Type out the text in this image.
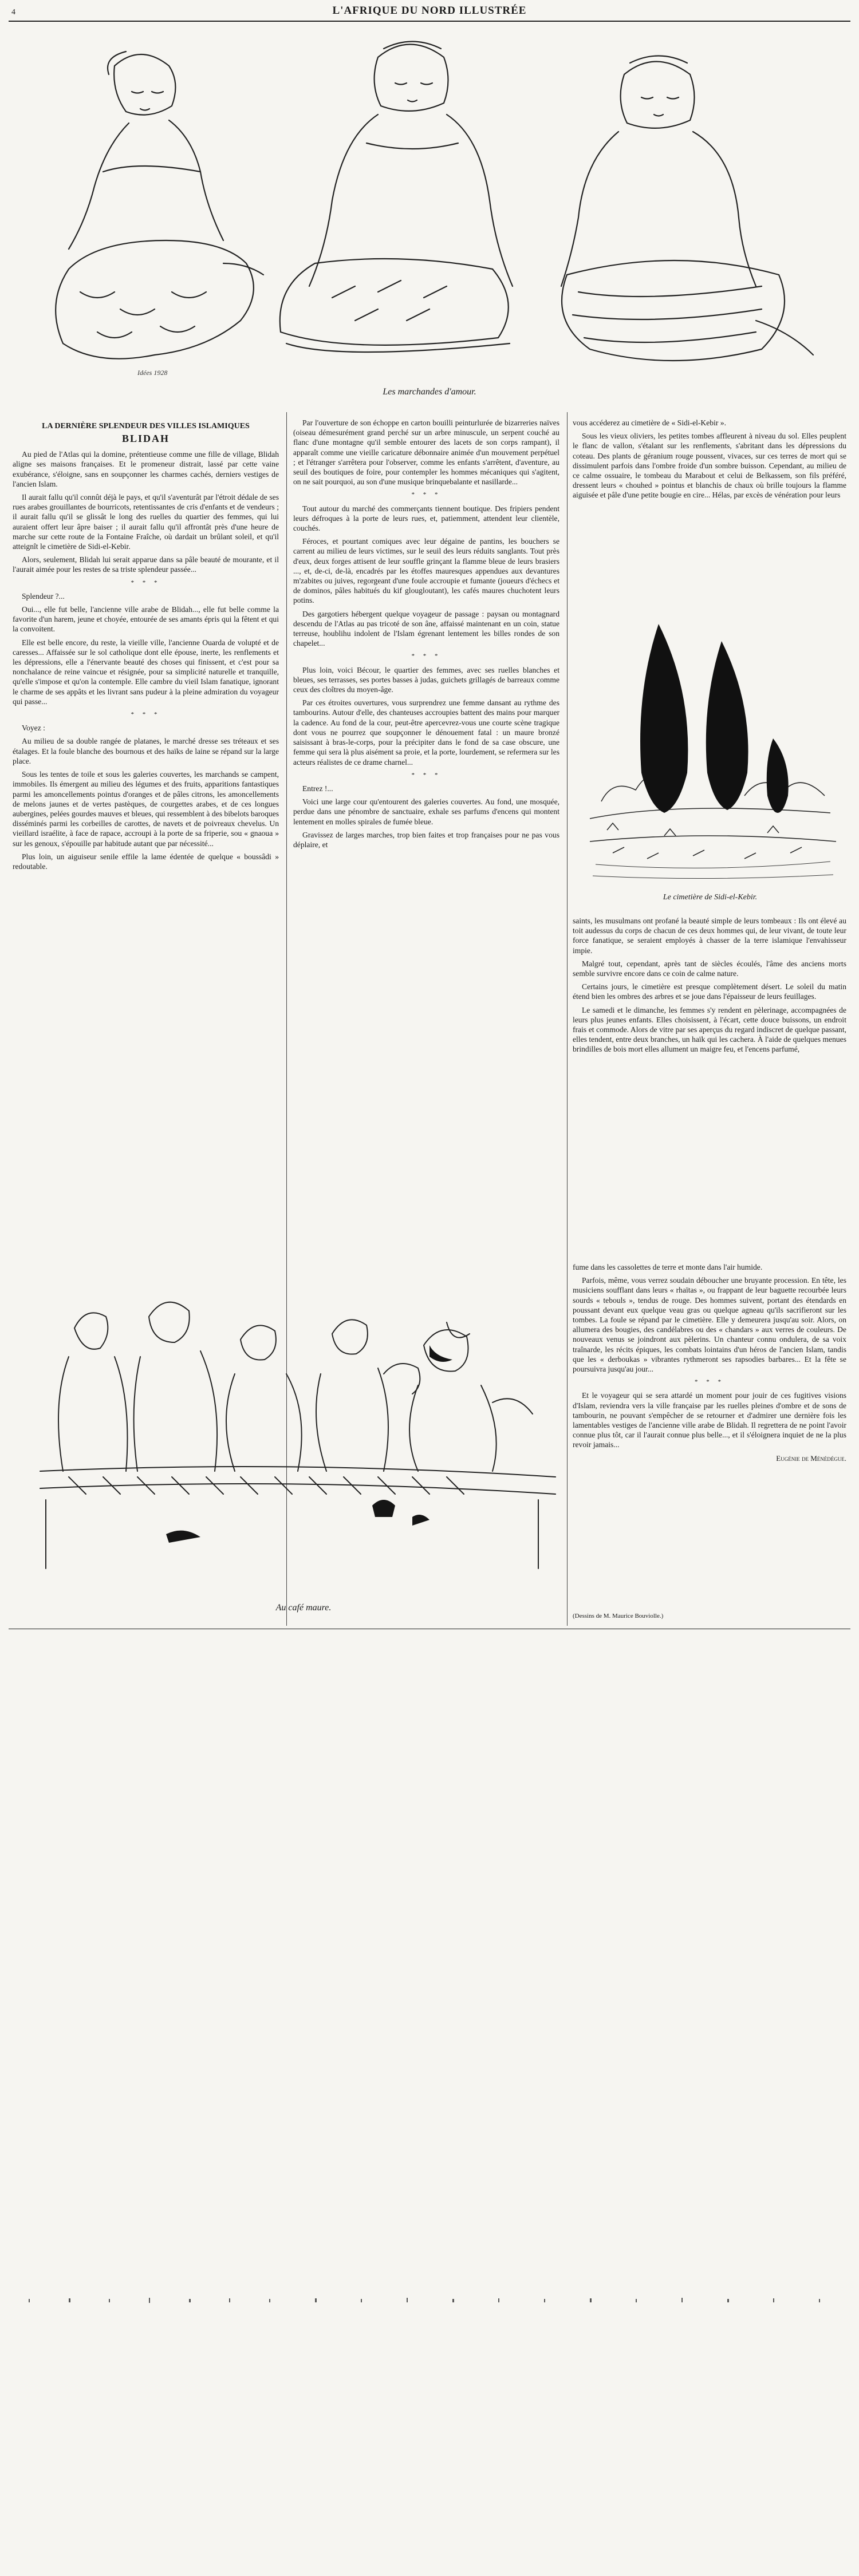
4	L'AFRIQUE DU NORD ILLUSTRÉE
Idées 1928
Les marchandes d'amour.
LA DERNIÈRE SPLENDEUR DES VILLES ISLAMIQUES
BLIDAH

Au pied de l'Atlas qui la domine, prétentieuse comme une fille de village, Blidah aligne ses maisons françaises. Et le promeneur distrait, lassé par cette vaine exubérance, s'éloigne, sans en soupçonner les charmes cachés, derniers vestiges de l'ancien Islam.

Il aurait fallu qu'il connût déjà le pays, et qu'il s'aventurât par l'étroit dédale de ses rues arabes grouillantes de bourricots, retentissantes de cris d'enfants et de vendeurs ; il aurait fallu qu'il se glissât le long des ruelles du quartier des femmes, qui lui auraient offert leur âpre baiser ; il aurait fallu qu'il affrontât près d'une heure de marche sur cette route de la Fontaine Fraîche, où dardait un brûlant soleil, et qu'il atteignît le cimetière de Sidi-el-Kebir.

Alors, seulement, Blidah lui serait apparue dans sa pâle beauté de mourante, et il l'aurait aimée pour les restes de sa triste splendeur passée...

* * *

Splendeur ?...

Oui..., elle fut belle, l'ancienne ville arabe de Blidah..., elle fut belle comme la favorite d'un harem, jeune et choyée, entourée de ses amants épris qui la fêtent et qui la convoitent.

Elle est belle encore, du reste, la vieille ville, l'ancienne Ouarda de volupté et de caresses... Affaissée sur le sol catholique dont elle épouse, inerte, les renflements et les dépressions, elle a l'énervante beauté des choses qui finissent, et c'est pour sa nonchalance de reine vaincue et résignée, pour sa simplicité naturelle et tranquille, qu'elle s'impose et qu'on la contemple. Elle cambre du vieil Islam fanatique, ignorant le charme de ses appâts et les livrant sans pudeur à la pleine admiration du voyageur qui passe...

* * *

Voyez :

Au milieu de sa double rangée de platanes, le marché dresse ses tréteaux et ses étalages. Et la foule blanche des bournous et des haïks de laine se répand sur la large place.

Sous les tentes de toile et sous les galeries couvertes, les marchands se campent, immobiles. Ils émergent au milieu des légumes et des fruits, apparitions fantastiques parmi les amoncellements pointus d'oranges et de pâles citrons, les amoncellements de melons jaunes et de vertes pastèques, de courgettes arabes, et de ces longues aubergines, pelées gourdes mauves et bleues, qui ressemblent à des bibelots baroques disséminés parmi les corbeilles de carottes, de navets et de poivreaux chevelus. Un vieillard israélite, à face de rapace, accroupi à la porte de sa friperie, sou « gnaoua » sur les genoux, s'épouille par habitude autant que par nécessité...

Plus loin, un aiguiseur senile effile la lame édentée de quelque « boussâdi » redoutable.

Par l'ouverture de son échoppe en carton bouilli peinturlurée de bizarreries naïves (oiseau démesurément grand perché sur un arbre minuscule, un serpent couché au flanc d'une montagne qu'il semble entourer des lacets de son corps rampant), il apparaît comme une vieille caricature débonnaire animée d'un mouvement perpétuel ; et l'étranger s'arrêtera pour l'observer, comme les enfants s'arrêtent, d'aventure, au seuil des boutiques de foire, pour contempler les hommes mécaniques qui s'agitent, on ne sait pourquoi, au son d'une musique brinquebalante et nasillarde...

* * *

Tout autour du marché des commerçants tiennent boutique. Des fripiers pendent leurs défroques à la porte de leurs rues, et, patiemment, attendent leur clientèle, couchés.

Féroces, et pourtant comiques avec leur dégaine de pantins, les bouchers se carrent au milieu de leurs victimes, sur le seuil des leurs réduits sanglants. Tout près d'eux, deux forges attisent de leur souffle grinçant la flamme bleue de leurs brasiers ..., et, de-ci, de-là, encadrés par les étoffes mauresques appendues aux devantures m'zabites ou juives, regorgeant d'une foule accroupie et fumante (joueurs d'échecs et de dominos, pâles habitués du kif glougloutant), les cafés maures chuchotent leurs potins.

Des gargotiers hébergent quelque voyageur de passage : paysan ou montagnard descendu de l'Atlas au pas tricoté de son âne, affaissé maintenant en un coin, statue terreuse, houblihu indolent de l'Islam égrenant lentement les billes rondes de son chapelet...

* * *

Plus loin, voici Bécour, le quartier des femmes, avec ses ruelles blanches et bleues, ses terrasses, ses portes basses à judas, guichets grillagés de barreaux comme ceux des cloîtres du moyen-âge.

Par ces étroites ouvertures, vous surprendrez une femme dansant au rythme des tambourins. Autour d'elle, des chanteuses accroupies battent des mains pour marquer la cadence. Au fond de la cour, peut-être apercevrez-vous une courte scène tragique dont vous ne pourrez que soupçonner le dénouement fatal : un maure bronzé saisissant à bras-le-corps, pour la précipiter dans le fond de sa case obscure, une femme qui sera là plus aisément sa proie, et la porte, lourdement, se refermera sur les acteurs réalistes de ce drame charnel...

* * *

Entrez !...

Voici une large cour qu'entourent des galeries couvertes. Au fond, une mosquée, perdue dans une pénombre de sanctuaire, exhale ses parfums d'encens qui montent lentement en molles spirales de fumée bleue.

Gravissez de larges marches, trop bien faites et trop françaises pour ne pas vous déplaire, et

vous accéderez au cimetière de « Sidi-el-Kebir ».

Sous les vieux oliviers, les petites tombes affleurent à niveau du sol. Elles peuplent le flanc de vallon, s'étalant sur les renflements, s'abritant dans les dépressions du coteau. Des plants de géranium rouge poussent, vivaces, sur ces terres de mort qui se dissimulent parfois dans l'ombre froide d'un sombre buisson. Cependant, au milieu de ce calme ossuaire, le tombeau du Marabout et celui de Belkassem, son fils préféré, dressent leurs « chouhed » pointus et blanchis de chaux où brille toujours la flamme aiguisée et pâle d'une petite bougie en cire... Hélas, par excès de vénération pour leurs

Le cimetière de Sidi-el-Kebir.

saints, les musulmans ont profané la beauté simple de leurs tombeaux : Ils ont élevé au toit audessus du corps de chacun de ces deux hommes qui, de leur vivant, de toute leur force fanatique, se seraient employés à chasser de la terre islamique l'envahisseur impie.

Malgré tout, cependant, après tant de siècles écoulés, l'âme des anciens morts semble survivre encore dans ce coin de calme nature.

Certains jours, le cimetière est presque complètement désert. Le soleil du matin étend bien les ombres des arbres et se joue dans l'épaisseur de leurs feuillages.

Le samedi et le dimanche, les femmes s'y rendent en pèlerinage, accompagnées de leurs plus jeunes enfants. Elles choisissent, à l'écart, cette douce buissons, un endroit frais et commode. Alors de vitre par ses aperçus du regard indiscret de quelque passant, elles tendent, entre deux branches, un haïk qui les cachera. À l'aide de quelques menues brindilles de bois mort elles allument un maigre feu, et l'encens parfumé,

Au café maure.
(Dessins de M. Maurice Bouviolle.)

fume dans les cassolettes de terre et monte dans l'air humide.

Parfois, même, vous verrez soudain déboucher une bruyante procession. En tête, les musiciens soufflant dans leurs « rhaïtas », ou frappant de leur baguette recourbée leurs sourds « tebouls », tendus de rouge. Des hommes suivent, portant des étendards en poussant devant eux quelque veau gras ou quelque agneau qu'ils sacrifieront sur les tombes. La foule se répand par le cimetière. Elle y demeurera jusqu'au soir. Alors, on allumera des bougies, des candélabres ou des « chandars » aux verres de couleurs. De nouveaux venus se joindront aux pèlerins. Un chanteur connu ondulera, de sa voix traînarde, les récits épiques, les combats lointains d'un héros de l'ancien Islam, tandis que les « derboukas » vibrantes rythmeront ses rapsodies barbares... Et la fête se poursuivra jusqu'au jour...

* * *

Et le voyageur qui se sera attardé un moment pour jouir de ces fugitives visions d'Islam, reviendra vers la ville française par les ruelles pleines d'ombre et de sons de tambourin, ne pouvant s'empêcher de se retourner et d'admirer une dernière fois les lamentables vestiges de l'ancienne ville arabe de Blidah. Il regrettera de ne point l'avoir connue plus tôt, car il l'aurait connue plus belle..., et il s'éloignera inquiet de ne la plus revoir jamais...

Eugénie de Ménédégue.
